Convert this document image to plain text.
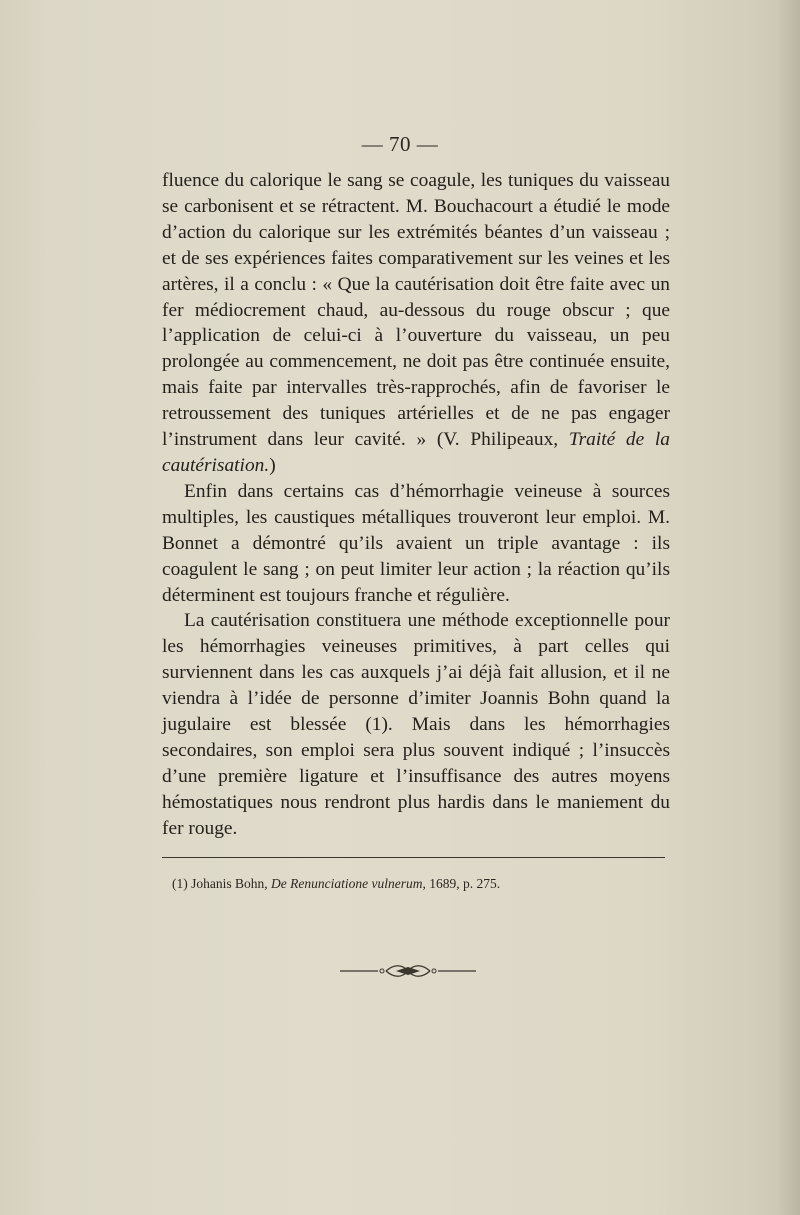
— 70 —

fluence du calorique le sang se coagule, les tuniques du vaisseau se carbonisent et se rétractent. M. Bouchacourt a étudié le mode d’action du calorique sur les extrémités béantes d’un vaisseau ; et de ses expériences faites comparativement sur les veines et les artères, il a conclu : « Que la cautérisation doit être faite avec un fer médiocrement chaud, au-dessous du rouge obscur ; que l’application de celui-ci à l’ouverture du vaisseau, un peu prolongée au commencement, ne doit pas être continuée ensuite, mais faite par intervalles très-rapprochés, afin de favoriser le retroussement des tuniques artérielles et de ne pas engager l’instrument dans leur cavité. » (V. Philipeaux, Traité de la cautérisation.)

Enfin dans certains cas d’hémorrhagie veineuse à sources multiples, les caustiques métalliques trouveront leur emploi. M. Bonnet a démontré qu’ils avaient un triple avantage : ils coagulent le sang ; on peut limiter leur action ; la réaction qu’ils déterminent est toujours franche et régulière.

La cautérisation constituera une méthode exceptionnelle pour les hémorrhagies veineuses primitives, à part celles qui surviennent dans les cas auxquels j’ai déjà fait allusion, et il ne viendra à l’idée de personne d’imiter Joannis Bohn quand la jugulaire est blessée (1). Mais dans les hémorrhagies secondaires, son emploi sera plus souvent indiqué ; l’insuccès d’une première ligature et l’insuffisance des autres moyens hémostatiques nous rendront plus hardis dans le maniement du fer rouge.

(1) Johanis Bohn, De Renunciatione vulnerum, 1689, p. 275.
